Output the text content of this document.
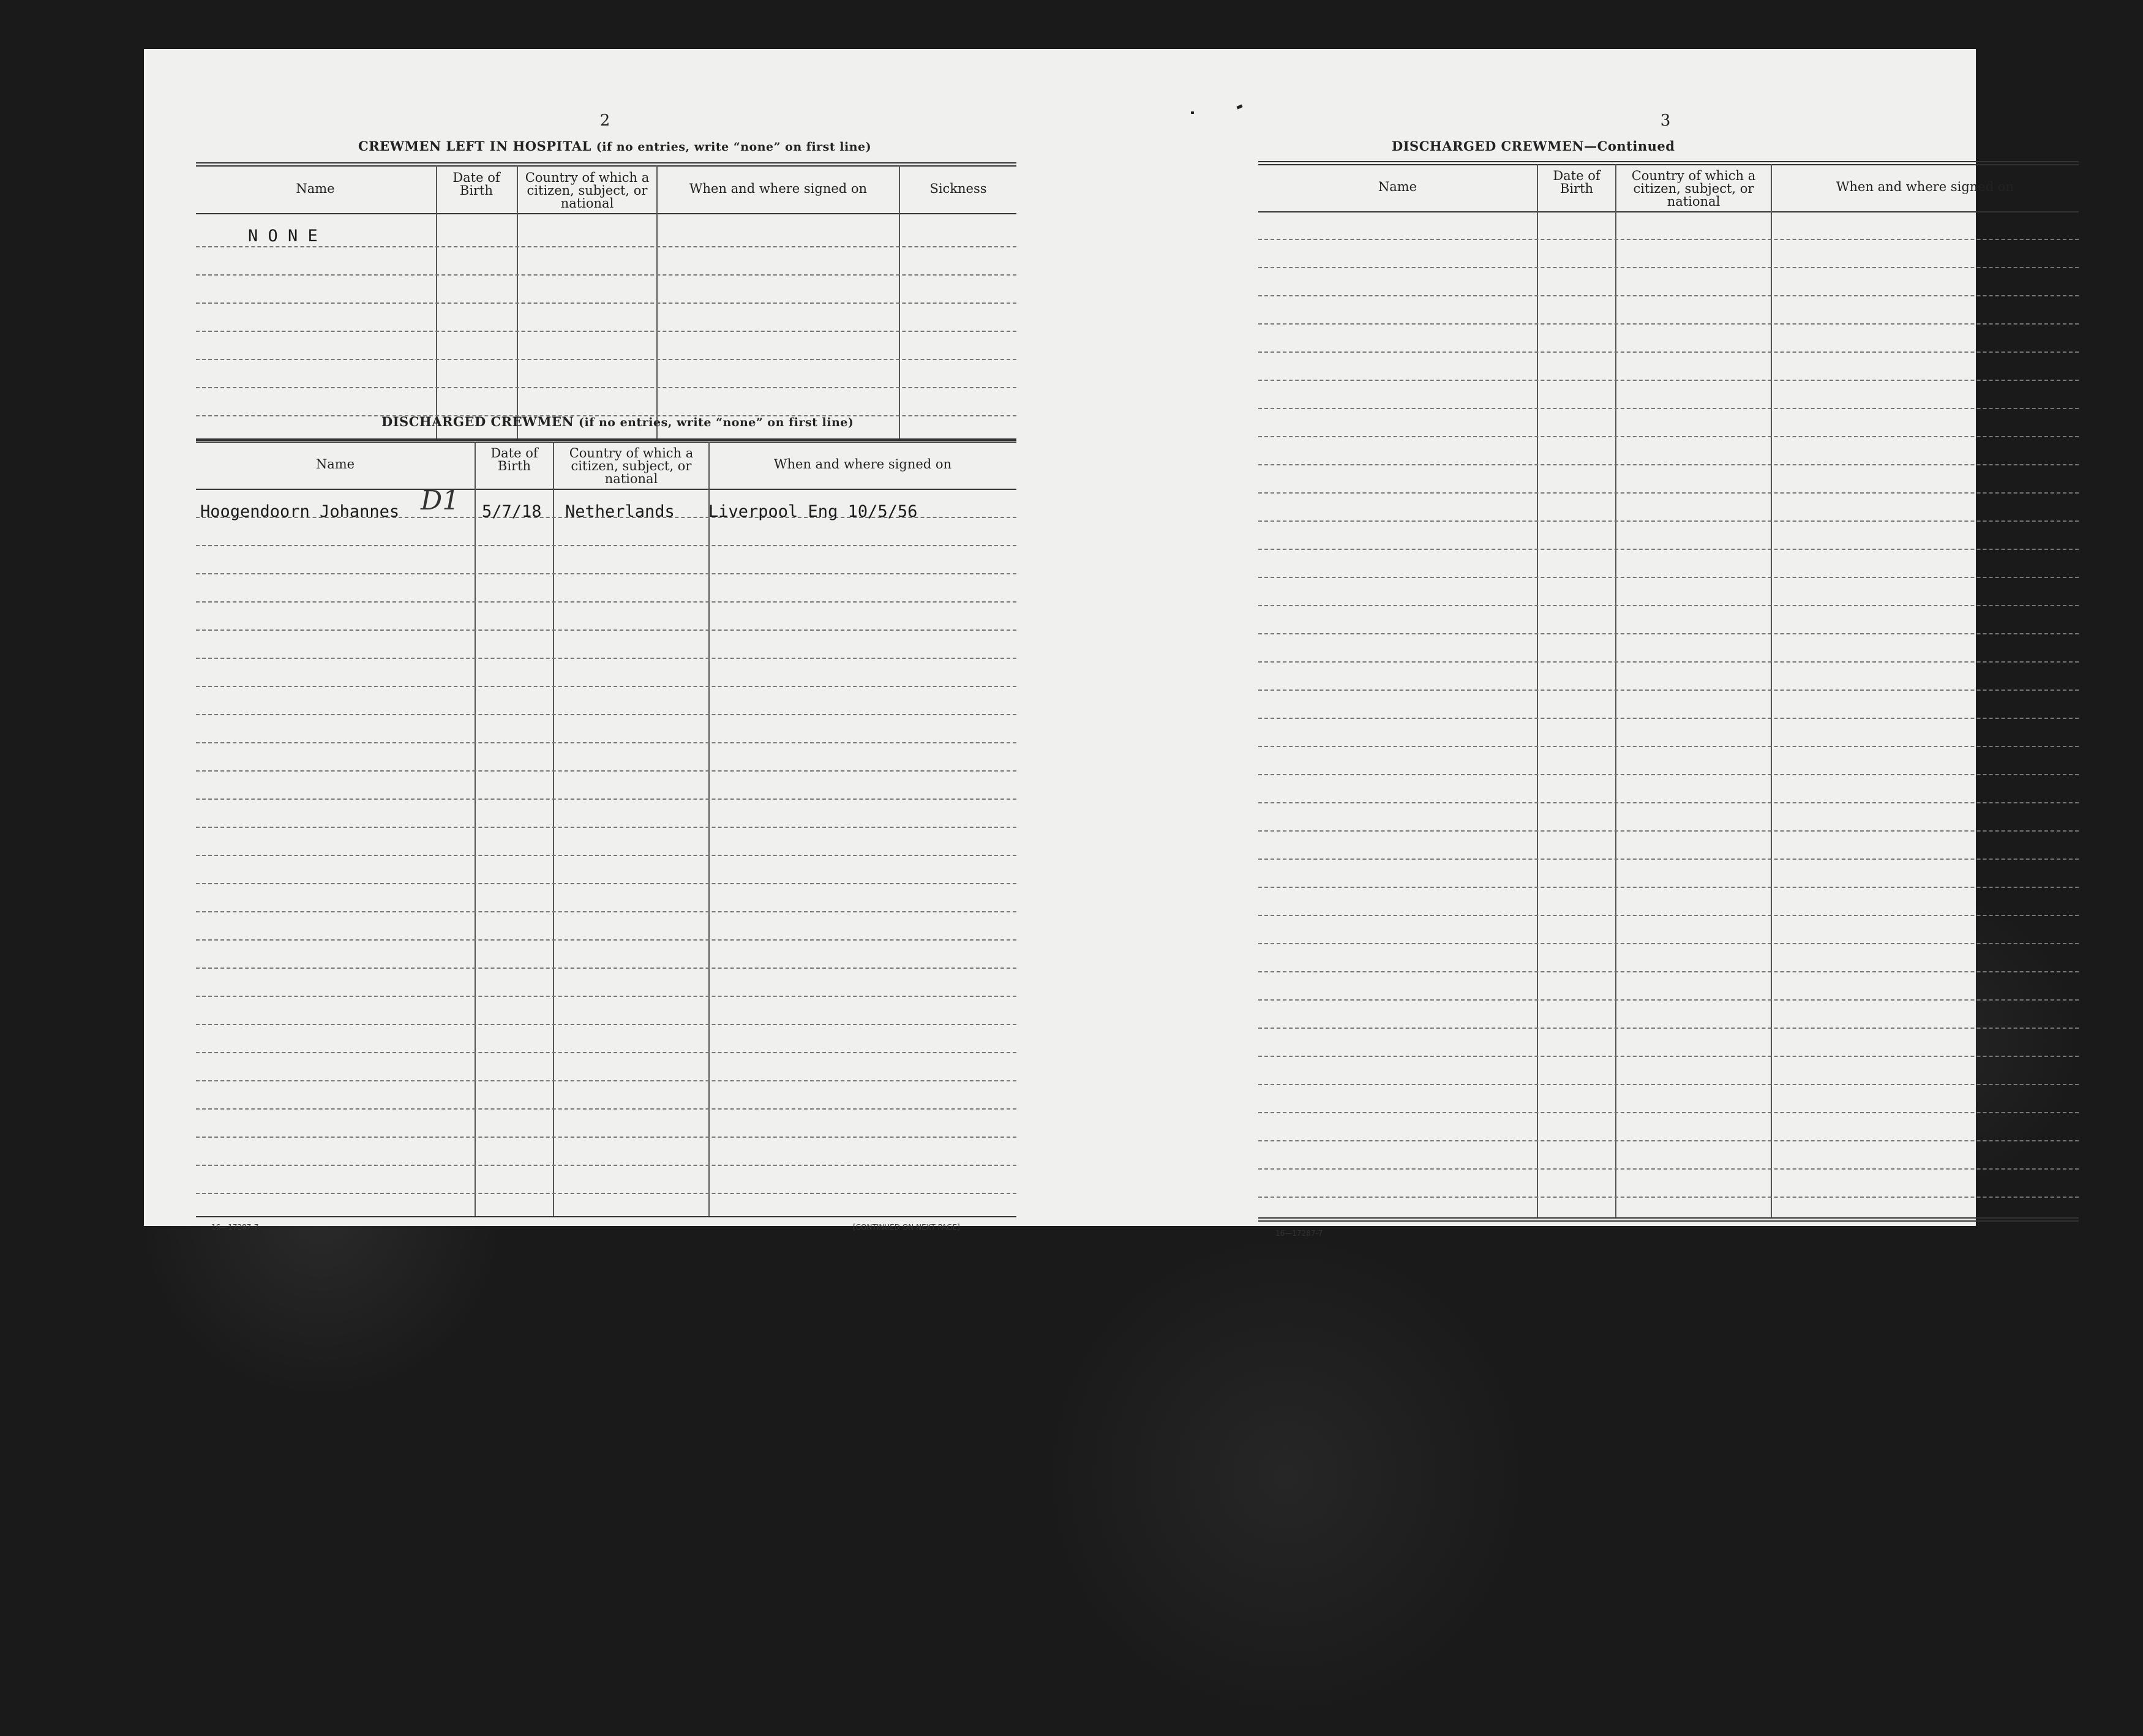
2
CREWMEN LEFT IN HOSPITAL (if no entries, write “none” on first line)
Name
Date of Birth
Country of which a citizen, subject, or national
When and where signed on	Sickness
N O N E
DISCHARGED CREWMEN (if no entries, write “none” on first line)
Name
Date of Birth
Country of which a citizen, subject, or national
When and where signed on
Hoogendoorn Johannes D1 5/7/18 Netherlands Liverpool Eng 10/5/56
16—17287-7	[CONTINUED ON NEXT PAGE]
3
DISCHARGED CREWMEN—Continued
Name
Date of Birth
Country of which a citizen, subject, or national
When and where signed on
16—17287-7
